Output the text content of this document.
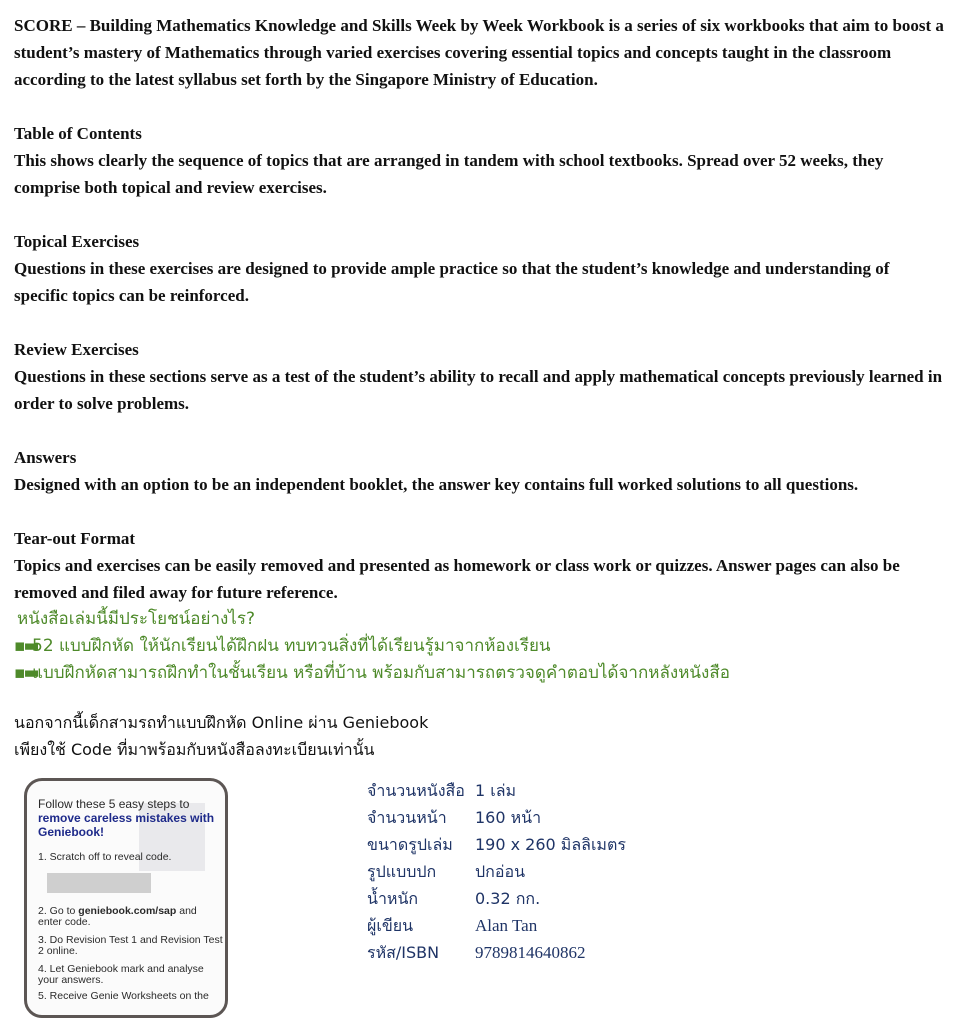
SCORE – Building Mathematics Knowledge and Skills Week by Week Workbook is a series of six workbooks that aim to boost a student’s mastery of Mathematics through varied exercises covering essential topics and concepts taught in the classroom according to the latest syllabus set forth by the Singapore Ministry of Education.

Table of Contents

This shows clearly the sequence of topics that are arranged in tandem with school textbooks. Spread over 52 weeks, they comprise both topical and review exercises.

Topical Exercises

Questions in these exercises are designed to provide ample practice so that the student’s knowledge and understanding of specific topics can be reinforced.

Review Exercises

Questions in these sections serve as a test of the student’s ability to recall and apply mathematical concepts previously learned in order to solve problems.

Answers

Designed with an option to be an independent booklet, the answer key contains full worked solutions to all questions.

Tear-out Format

Topics and exercises can be easily removed and presented as homework or class work or quizzes. Answer pages can also be removed and filed away for future reference.

หนังสือเล่มนี้มีประโยชน์อย่างไร?

▪▬52 แบบฝึกหัด ให้นักเรียนได้ฝึกฝน ทบทวนสิ่งที่ได้เรียนรู้มาจากห้องเรียน

▪▬แบบฝึกหัดสามารถฝึกทำในชั้นเรียน หรือที่บ้าน พร้อมกับสามารถตรวจดูคำตอบได้จากหลังหนังสือ

นอกจากนี้เด็กสามรถทำแบบฝึกหัด Online ผ่าน Geniebook

เพียงใช้ Code ที่มาพร้อมกับหนังสือลงทะเบียนเท่านั้น

Follow these 5 easy steps to
remove careless mistakes with Geniebook!
1. Scratch off to reveal code.
2. Go to geniebook.com/sap and enter code.
3. Do Revision Test 1 and Revision Test 2 online.
4. Let Geniebook mark and analyse your answers.
5. Receive Genie Worksheets on the
จำนวนหนังสือ 1 เล่ม
จำนวนหน้า	160 หน้า
ขนาดรูปเล่ม	190 x 260 มิลลิเมตร
รูปแบบปก	ปกอ่อน
น้ำหนัก	0.32 กก.
ผู้เขียน	Alan Tan
รหัส/ISBN	9789814640862
